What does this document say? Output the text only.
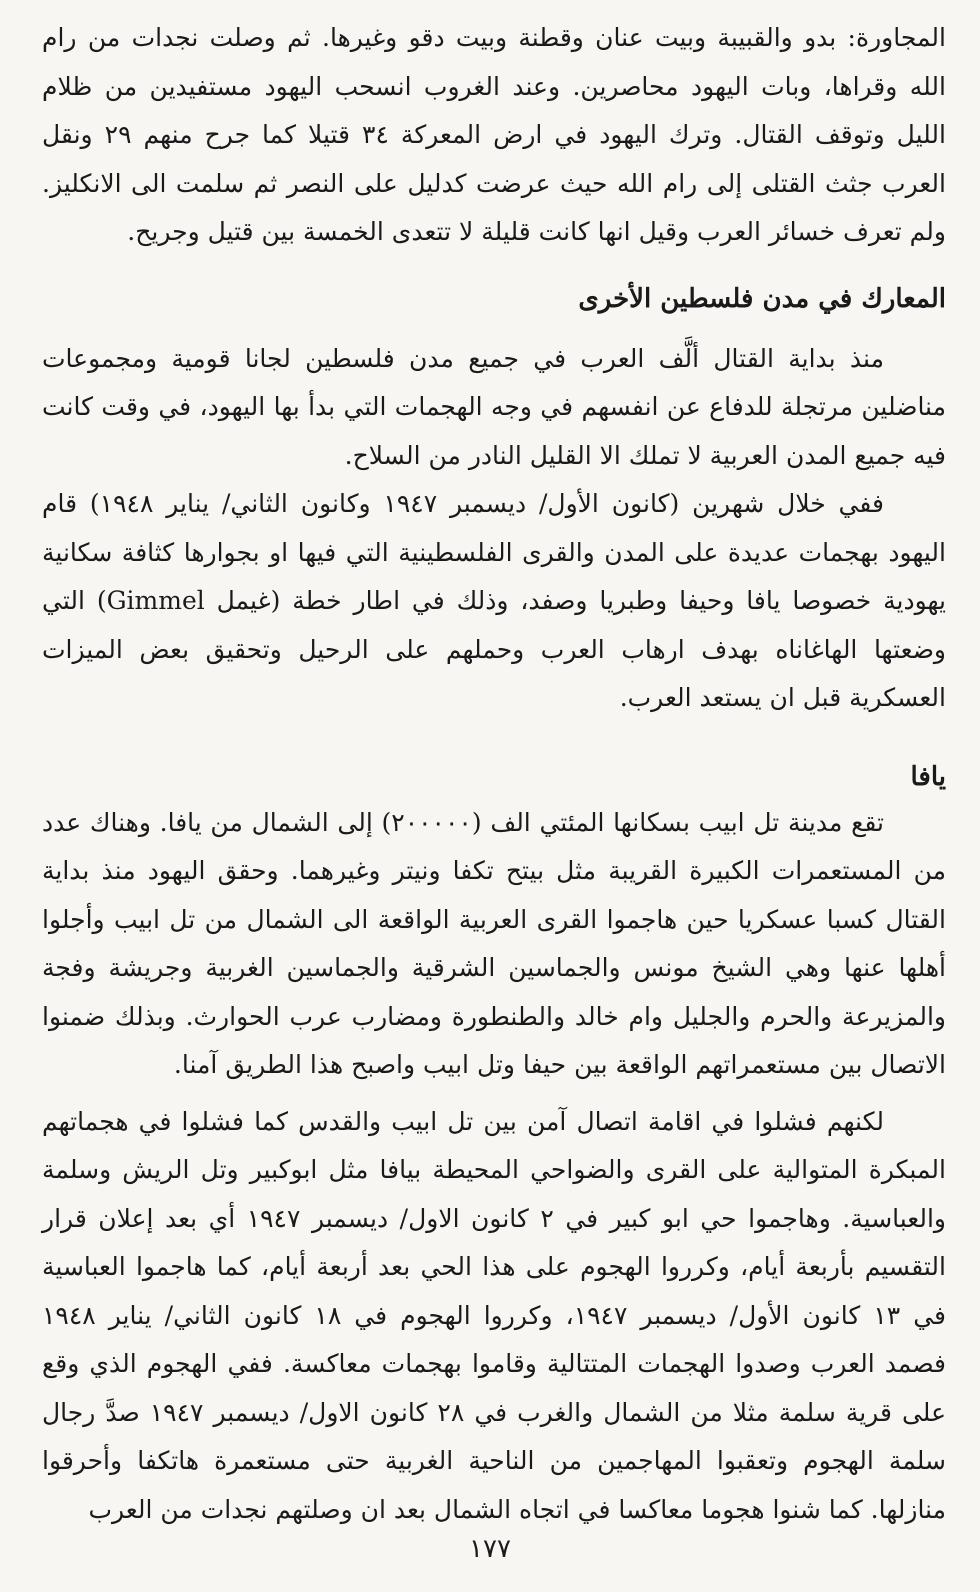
المجاورة: بدو والقبيبة وبيت عنان وقطنة وبيت دقو وغيرها. ثم وصلت نجدات من رام الله وقراها، وبات اليهود محاصرين. وعند الغروب انسحب اليهود مستفيدين من ظلام الليل وتوقف القتال. وترك اليهود في ارض المعركة ٣٤ قتيلا كما جرح منهم ٢٩ ونقل العرب جثث القتلى إلى رام الله حيث عرضت كدليل على النصر ثم سلمت الى الانكليز. ولم تعرف خسائر العرب وقيل انها كانت قليلة لا تتعدى الخمسة بين قتيل وجريح.

المعارك في مدن فلسطين الأخرى

منذ بداية القتال ألَّف العرب في جميع مدن فلسطين لجانا قومية ومجموعات مناضلين مرتجلة للدفاع عن انفسهم في وجه الهجمات التي بدأ بها اليهود، في وقت كانت فيه جميع المدن العربية لا تملك الا القليل النادر من السلاح.

ففي خلال شهرين (كانون الأول/ ديسمبر ١٩٤٧ وكانون الثاني/ يناير ١٩٤٨) قام اليهود بهجمات عديدة على المدن والقرى الفلسطينية التي فيها او بجوارها كثافة سكانية يهودية خصوصا يافا وحيفا وطبريا وصفد، وذلك في اطار خطة (غيمل Gimmel) التي وضعتها الهاغاناه بهدف ارهاب العرب وحملهم على الرحيل وتحقيق بعض الميزات العسكرية قبل ان يستعد العرب.

يافا

تقع مدينة تل ابيب بسكانها المئتي الف (٢٠٠٠٠٠) إلى الشمال من يافا. وهناك عدد من المستعمرات الكبيرة القريبة مثل بيتح تكفا ونيتر وغيرهما. وحقق اليهود منذ بداية القتال كسبا عسكريا حين هاجموا القرى العربية الواقعة الى الشمال من تل ابيب وأجلوا أهلها عنها وهي الشيخ مونس والجماسين الشرقية والجماسين الغربية وجريشة وفجة والمزيرعة والحرم والجليل وام خالد والطنطورة ومضارب عرب الحوارث. وبذلك ضمنوا الاتصال بين مستعمراتهم الواقعة بين حيفا وتل ابيب واصبح هذا الطريق آمنا.

لكنهم فشلوا في اقامة اتصال آمن بين تل ابيب والقدس كما فشلوا في هجماتهم المبكرة المتوالية على القرى والضواحي المحيطة بيافا مثل ابوكبير وتل الريش وسلمة والعباسية. وهاجموا حي ابو كبير في ٢ كانون الاول/ ديسمبر ١٩٤٧ أي بعد إعلان قرار التقسيم بأربعة أيام، وكرروا الهجوم على هذا الحي بعد أربعة أيام، كما هاجموا العباسية في ١٣ كانون الأول/ ديسمبر ١٩٤٧، وكرروا الهجوم في ١٨ كانون الثاني/ يناير ١٩٤٨ فصمد العرب وصدوا الهجمات المتتالية وقاموا بهجمات معاكسة. ففي الهجوم الذي وقع على قرية سلمة مثلا من الشمال والغرب في ٢٨ كانون الاول/ ديسمبر ١٩٤٧ صدَّ رجال سلمة الهجوم وتعقبوا المهاجمين من الناحية الغربية حتى مستعمرة هاتكفا وأحرقوا منازلها. كما شنوا هجوما معاكسا في اتجاه الشمال بعد ان وصلتهم نجدات من العرب

١٧٧
